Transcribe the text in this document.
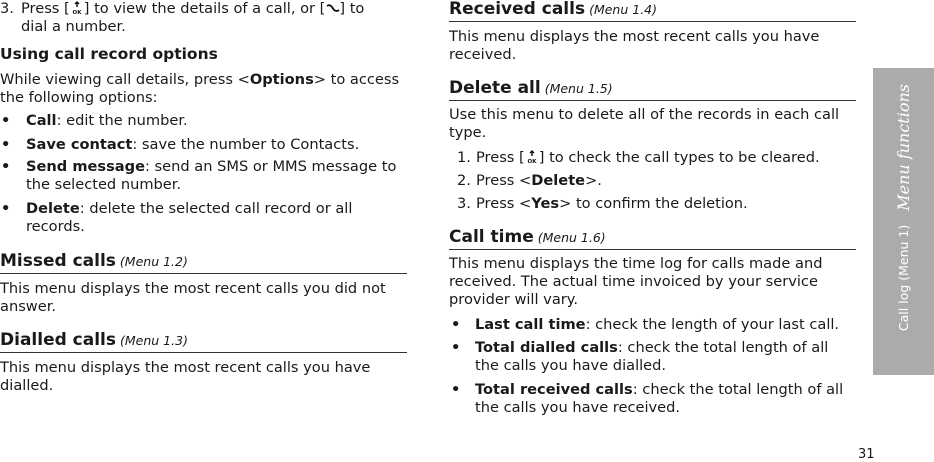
3. Press [ OK ] to view the details of a call, or [ ] to
dial a number.
Using call record options
While viewing call details, press <Options> to access
the following options:
• Call: edit the number.
• Save contact: save the number to Contacts.
• Send message: send an SMS or MMS message to
the selected number.
• Delete: delete the selected call record or all
records.
Missed calls (Menu 1.2)
This menu displays the most recent calls you did not
answer.
Dialled calls (Menu 1.3)
This menu displays the most recent calls you have
dialled.
Received calls (Menu 1.4)
This menu displays the most recent calls you have
received.
Delete all (Menu 1.5)
Use this menu to delete all of the records in each call
type.
1. Press [ OK ] to check the call types to be cleared.
2. Press <Delete>.
3. Press <Yes> to confirm the deletion.
Call time (Menu 1.6)
This menu displays the time log for calls made and
received. The actual time invoiced by your service
provider will vary.
• Last call time: check the length of your last call.
• Total dialled calls: check the total length of all
the calls you have dialled.
• Total received calls: check the total length of all
the calls you have received.
Call log (Menu 1)
Menu functions
31
